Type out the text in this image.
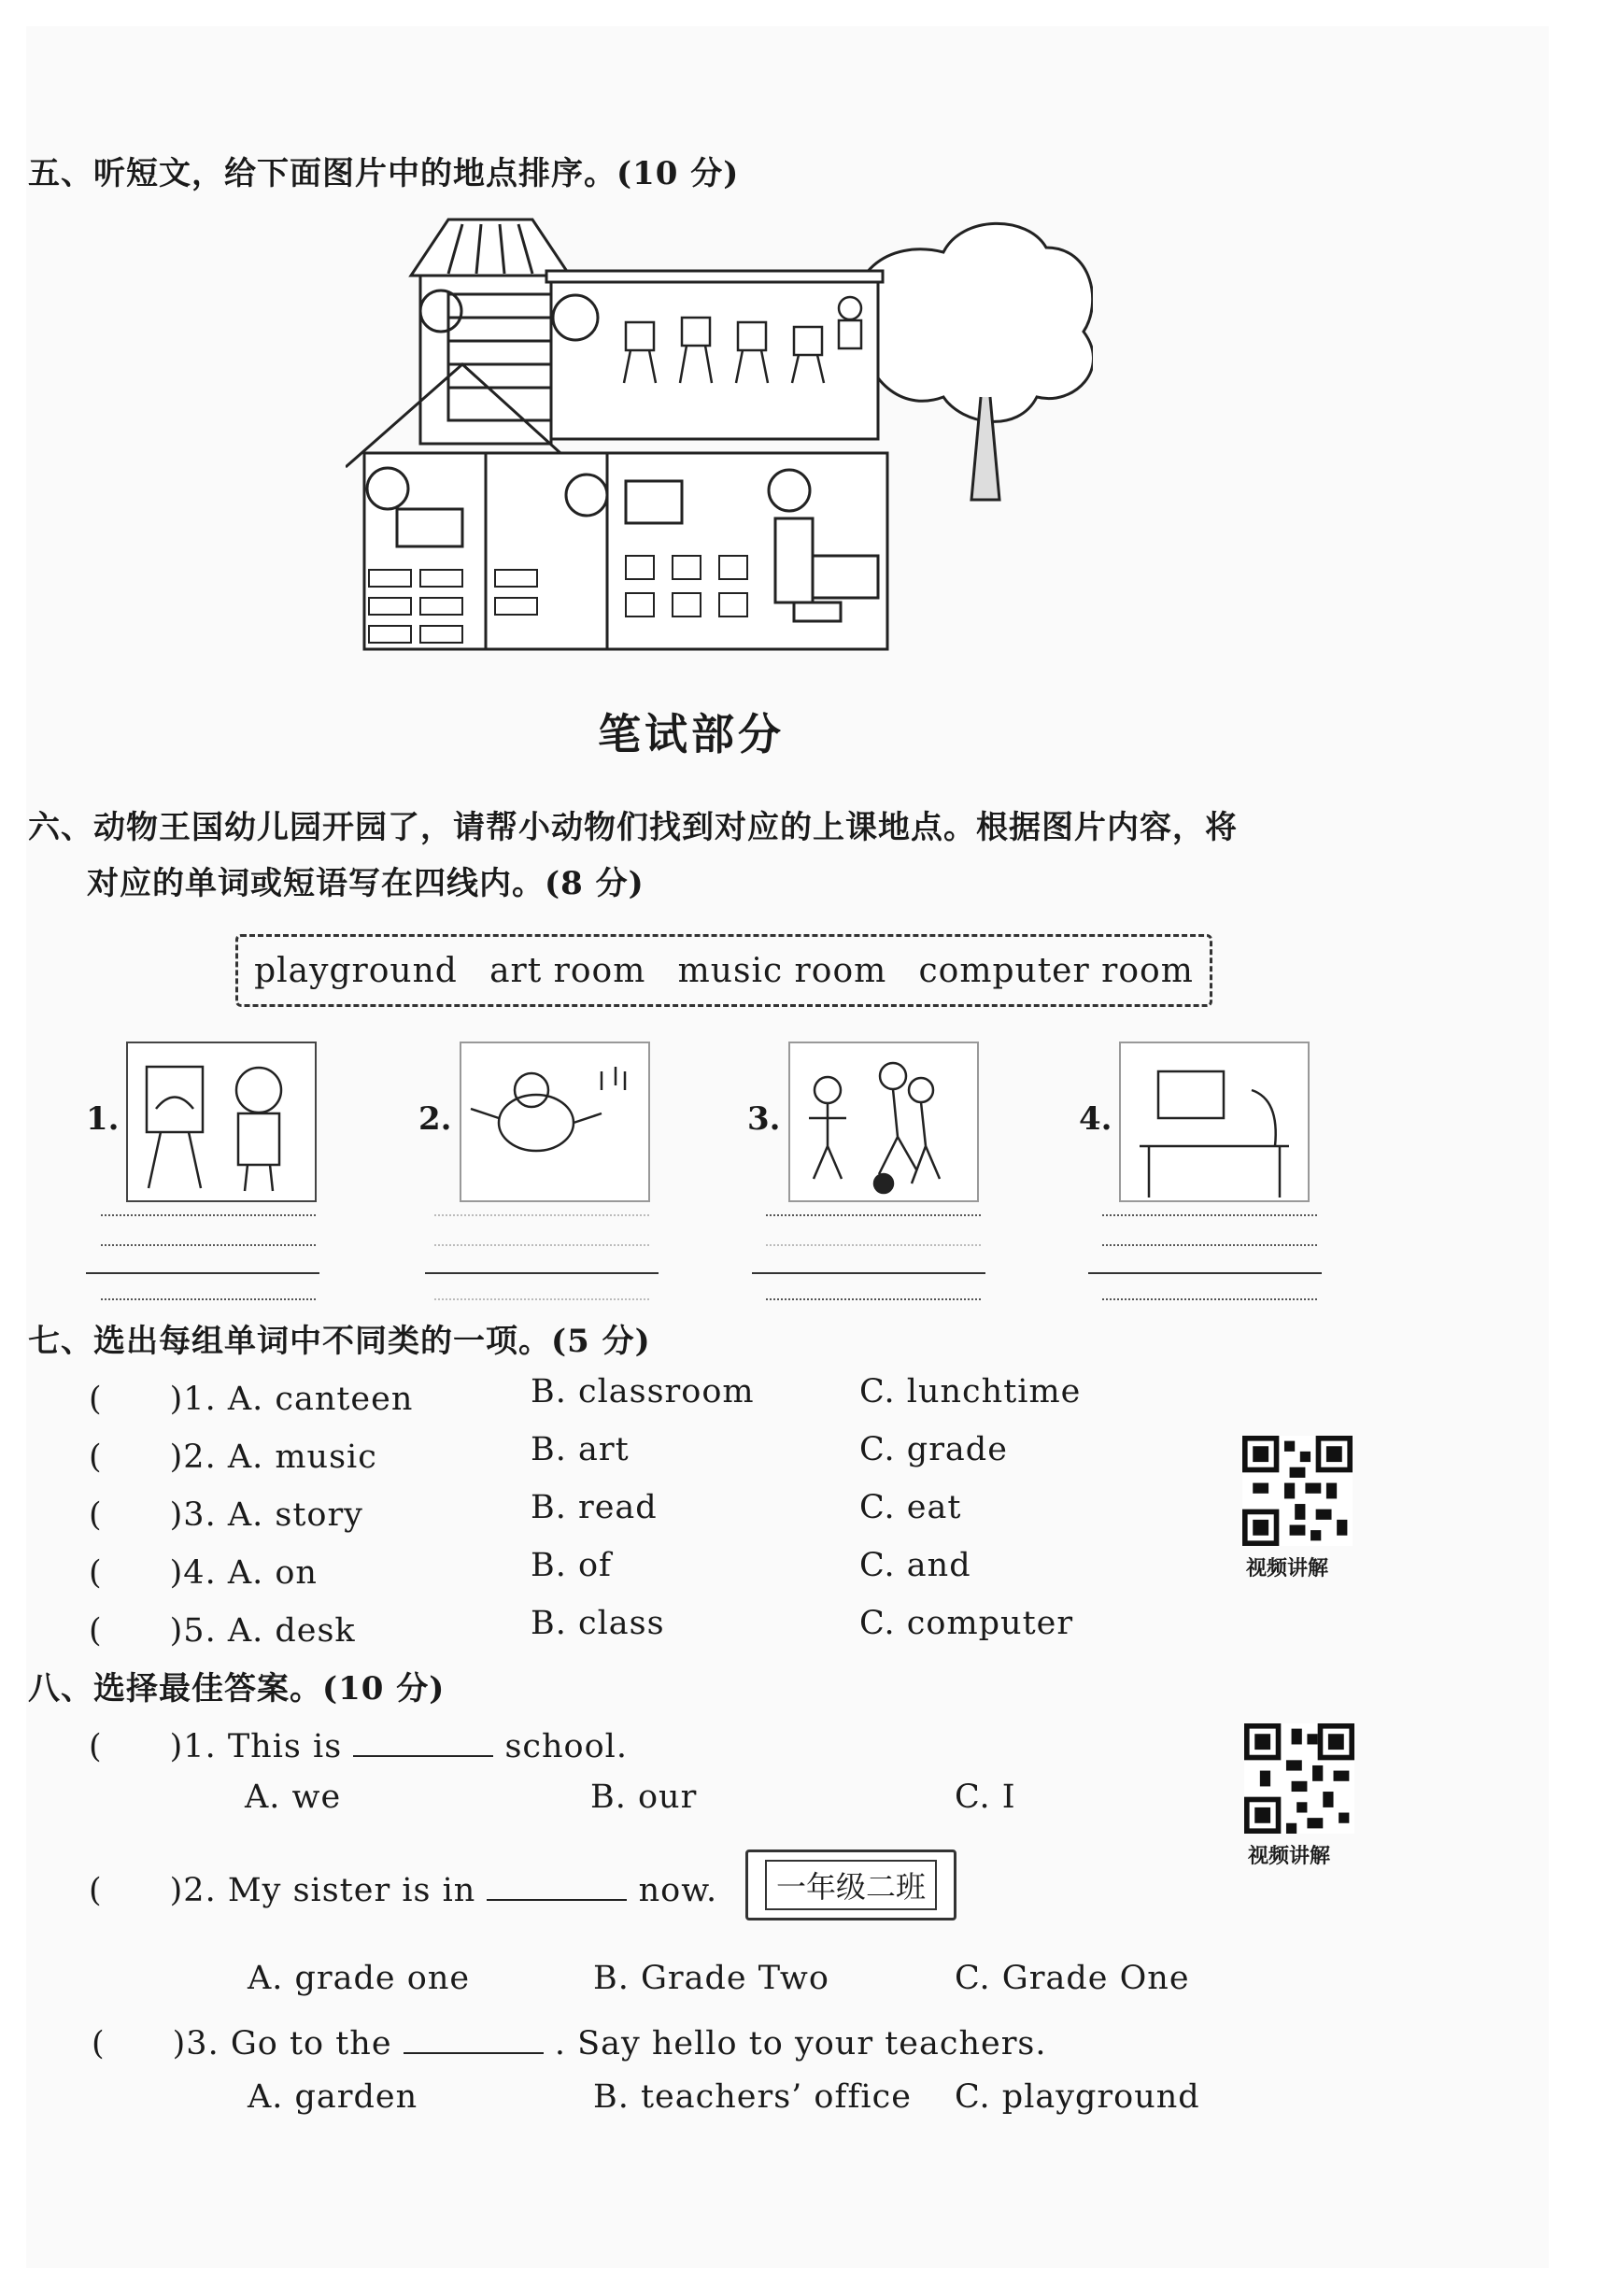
五、听短文，给下面图片中的地点排序。(10 分)
笔试部分
六、动物王国幼儿园开园了，请帮小动物们找到对应的上课地点。根据图片内容，将
对应的单词或短语写在四线内。(8 分)
playground art room music room computer room
1.	2.	3.	4.
七、选出每组单词中不同类的一项。(5 分)
(　　)1. A. canteen	B. classroom	C. lunchtime
(　　)2. A. music	B. art	C. grade
(　　)3. A. story	B. read	C. eat
(　　)4. A. on	B. of	C. and
(　　)5. A. desk	B. class	C. computer
视频讲解
八、选择最佳答案。(10 分)
(　　)1. This is	school.
A. we	B. our	C. I
(　　)2. My sister is in	now.	一年级二班
A. grade one	B. Grade Two	C. Grade One
(　　)3. Go to the	. Say hello to your teachers.
A. garden	B. teachers’ office C. playground
视频讲解
